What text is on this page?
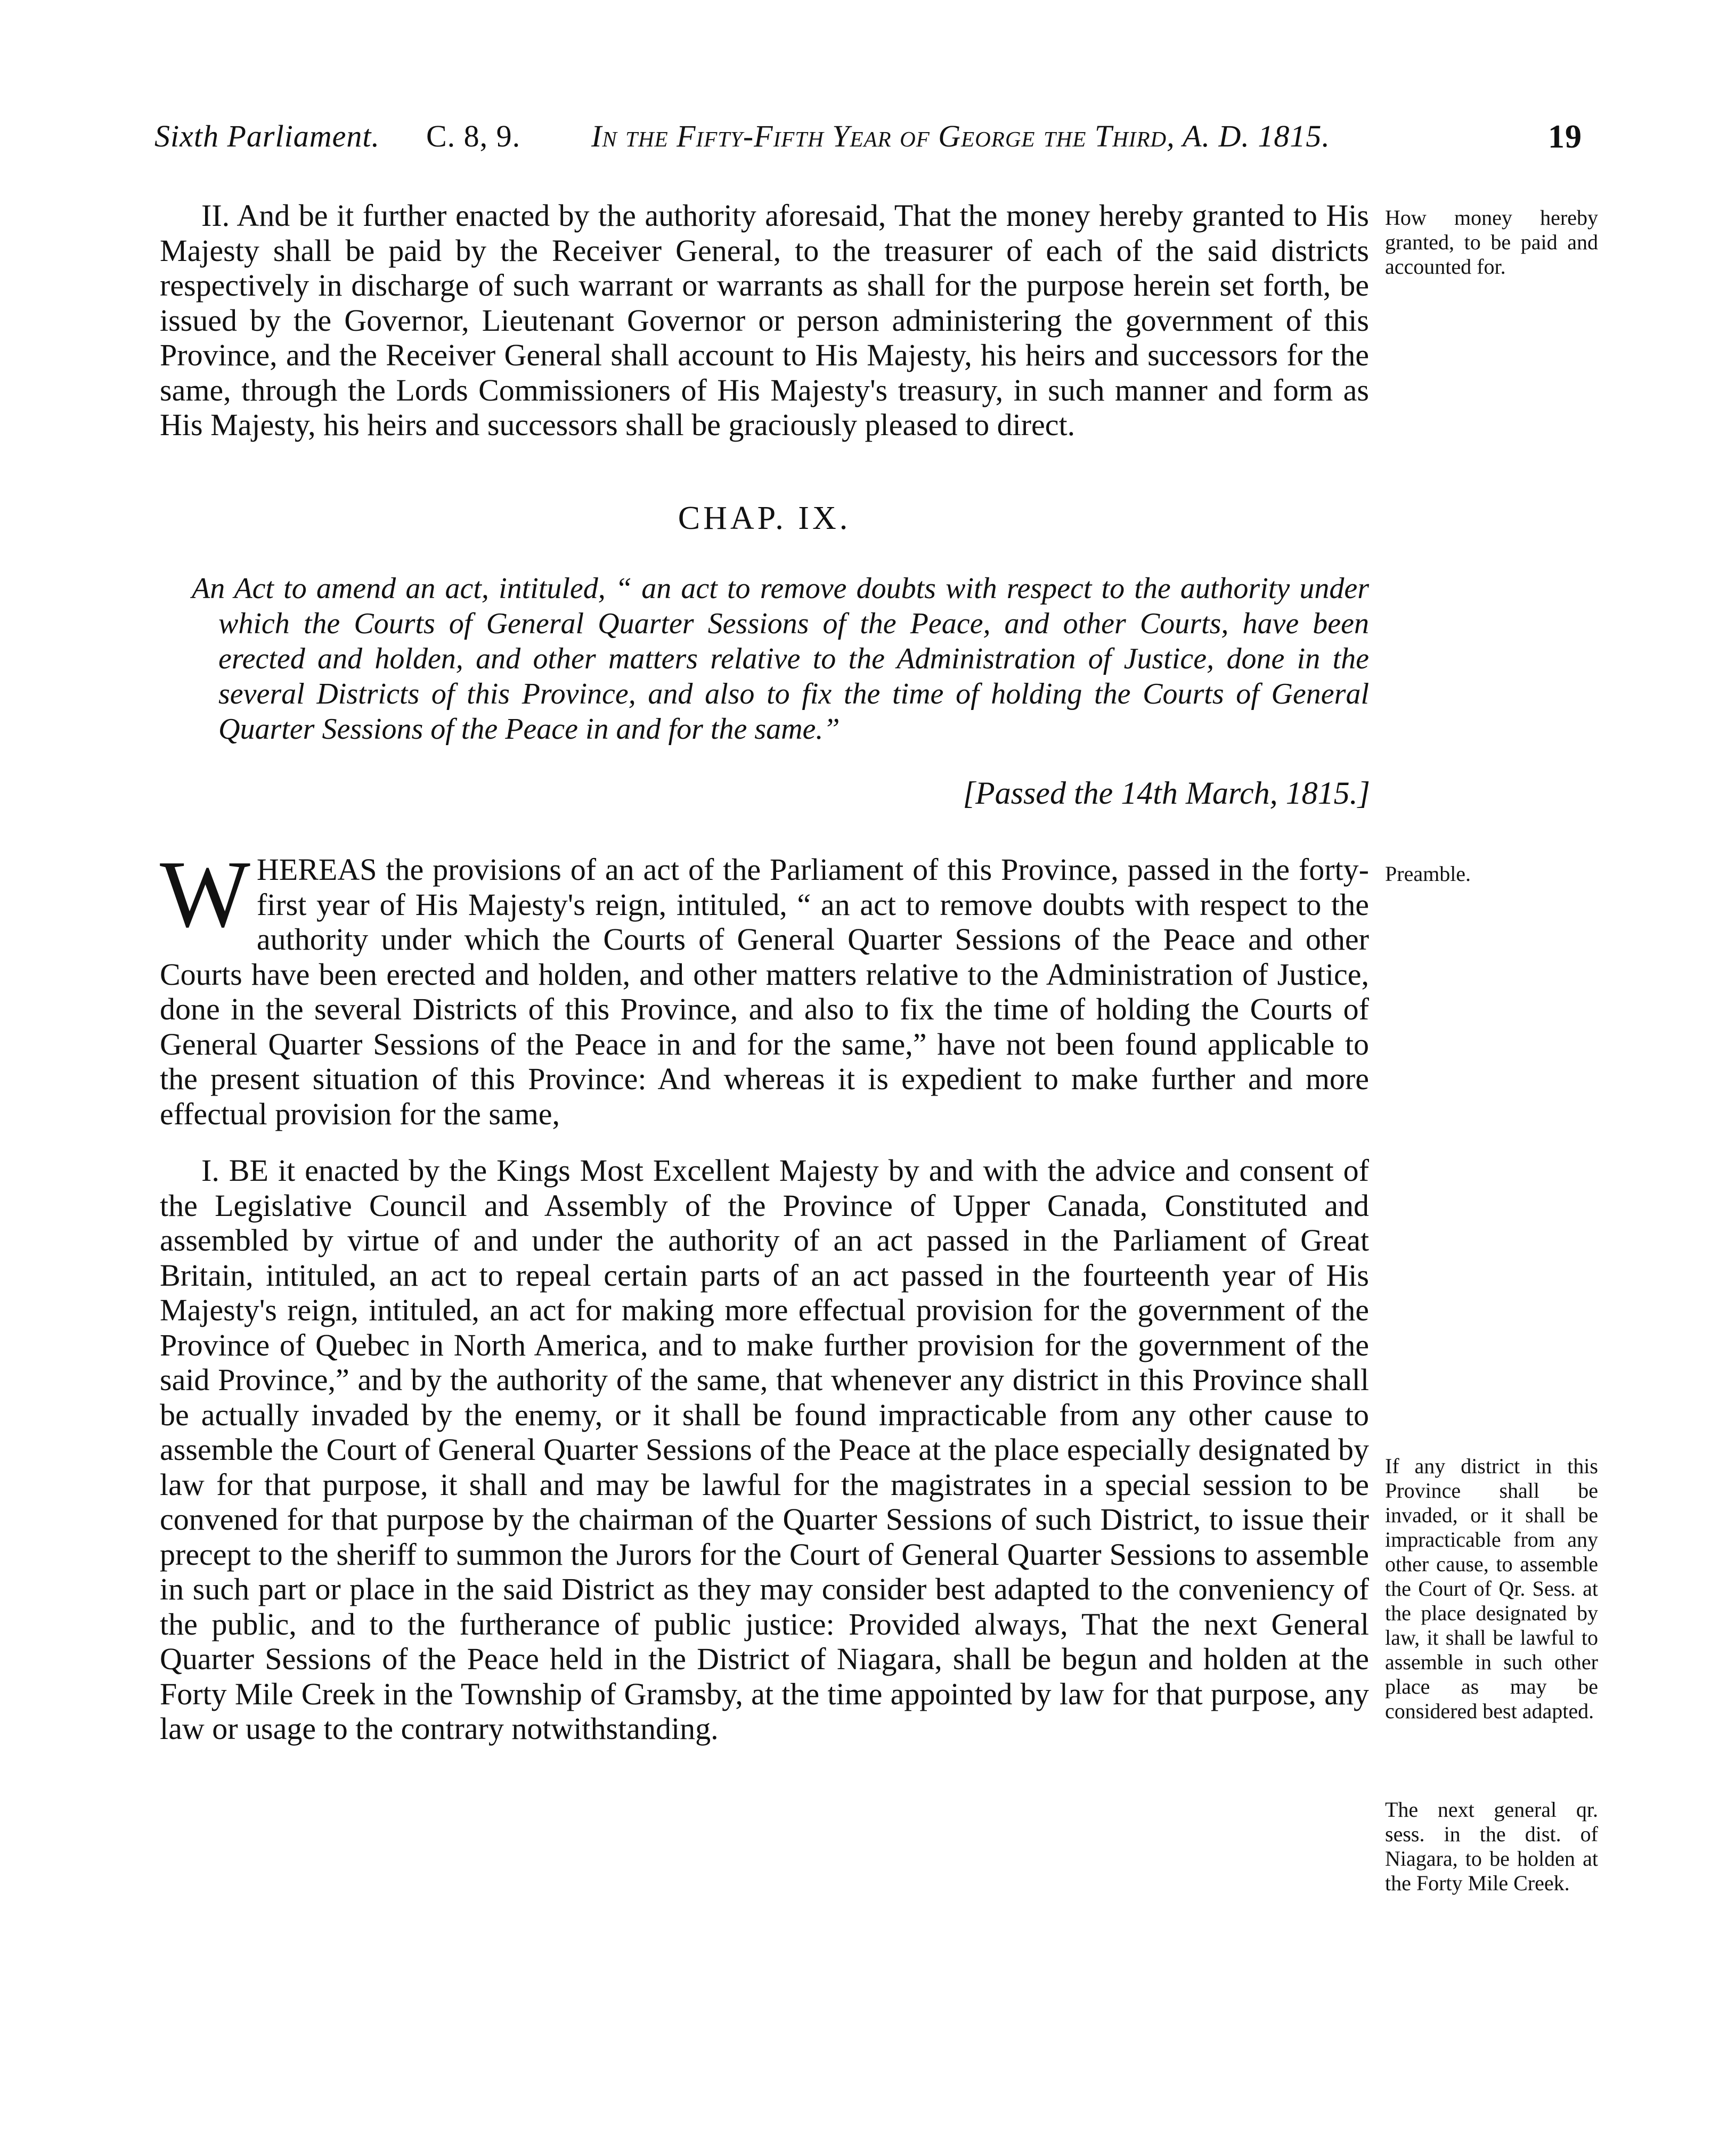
Sixth Parliament. C. 8, 9. In the Fifty-Fifth Year of George the Third, A. D. 1815.	19

II. And be it further enacted by the authority aforesaid, That the money hereby granted to His Majesty shall be paid by the Receiver General, to the treasurer of each of the said districts respectively in discharge of such warrant or warrants as shall for the purpose herein set forth, be issued by the Governor, Lieutenant Governor or person administering the government of this Province, and the Receiver General shall account to His Majesty, his heirs and successors for the same, through the Lords Commissioners of His Majesty's treasury, in such manner and form as His Majesty, his heirs and successors shall be graciously pleased to direct.

How money hereby granted, to be paid and accounted for.
CHAP. IX.
An Act to amend an act, intituled, “ an act to remove doubts with respect to the authority under which the Courts of General Quarter Sessions of the Peace, and other Courts, have been erected and holden, and other matters relative to the Administration of Justice, done in the several Districts of this Province, and also to fix the time of holding the Courts of General Quarter Sessions of the Peace in and for the same.”
[Passed the 14th March, 1815.]

WHEREAS the provisions of an act of the Parliament of this Province, passed in the forty-first year of His Majesty's reign, intituled, “ an act to remove doubts with respect to the authority under which the Courts of General Quarter Sessions of the Peace and other Courts have been erected and holden, and other matters relative to the Administration of Justice, done in the several Districts of this Province, and also to fix the time of holding the Courts of General Quarter Sessions of the Peace in and for the same,” have not been found applicable to the present situation of this Province: And whereas it is expedient to make further and more effectual provision for the same,

Preamble.

I. BE it enacted by the Kings Most Excellent Majesty by and with the advice and consent of the Legislative Council and Assembly of the Province of Upper Canada, Constituted and assembled by virtue of and under the authority of an act passed in the Parliament of Great Britain, intituled, an act to repeal certain parts of an act passed in the fourteenth year of His Majesty's reign, intituled, an act for making more effectual provision for the government of the Province of Quebec in North America, and to make further provision for the government of the said Province,” and by the authority of the same, that whenever any district in this Province shall be actually invaded by the enemy, or it shall be found impracticable from any other cause to assemble the Court of General Quarter Sessions of the Peace at the place especially designated by law for that purpose, it shall and may be lawful for the magistrates in a special session to be convened for that purpose by the chairman of the Quarter Sessions of such District, to issue their precept to the sheriff to summon the Jurors for the Court of General Quarter Sessions to assemble in such part or place in the said District as they may consider best adapted to the conveniency of the public, and to the furtherance of public justice: Provided always, That the next General Quarter Sessions of the Peace held in the District of Niagara, shall be begun and holden at the Forty Mile Creek in the Township of Gramsby, at the time appointed by law for that purpose, any law or usage to the contrary notwithstanding.

If any district in this Province shall be invaded, or it shall be impracticable from any other cause, to assemble the Court of Qr. Sess. at the place designated by law, it shall be lawful to assemble in such other place as may be considered best adapted.
The next general qr. sess. in the dist. of Niagara, to be holden at the Forty Mile Creek.
